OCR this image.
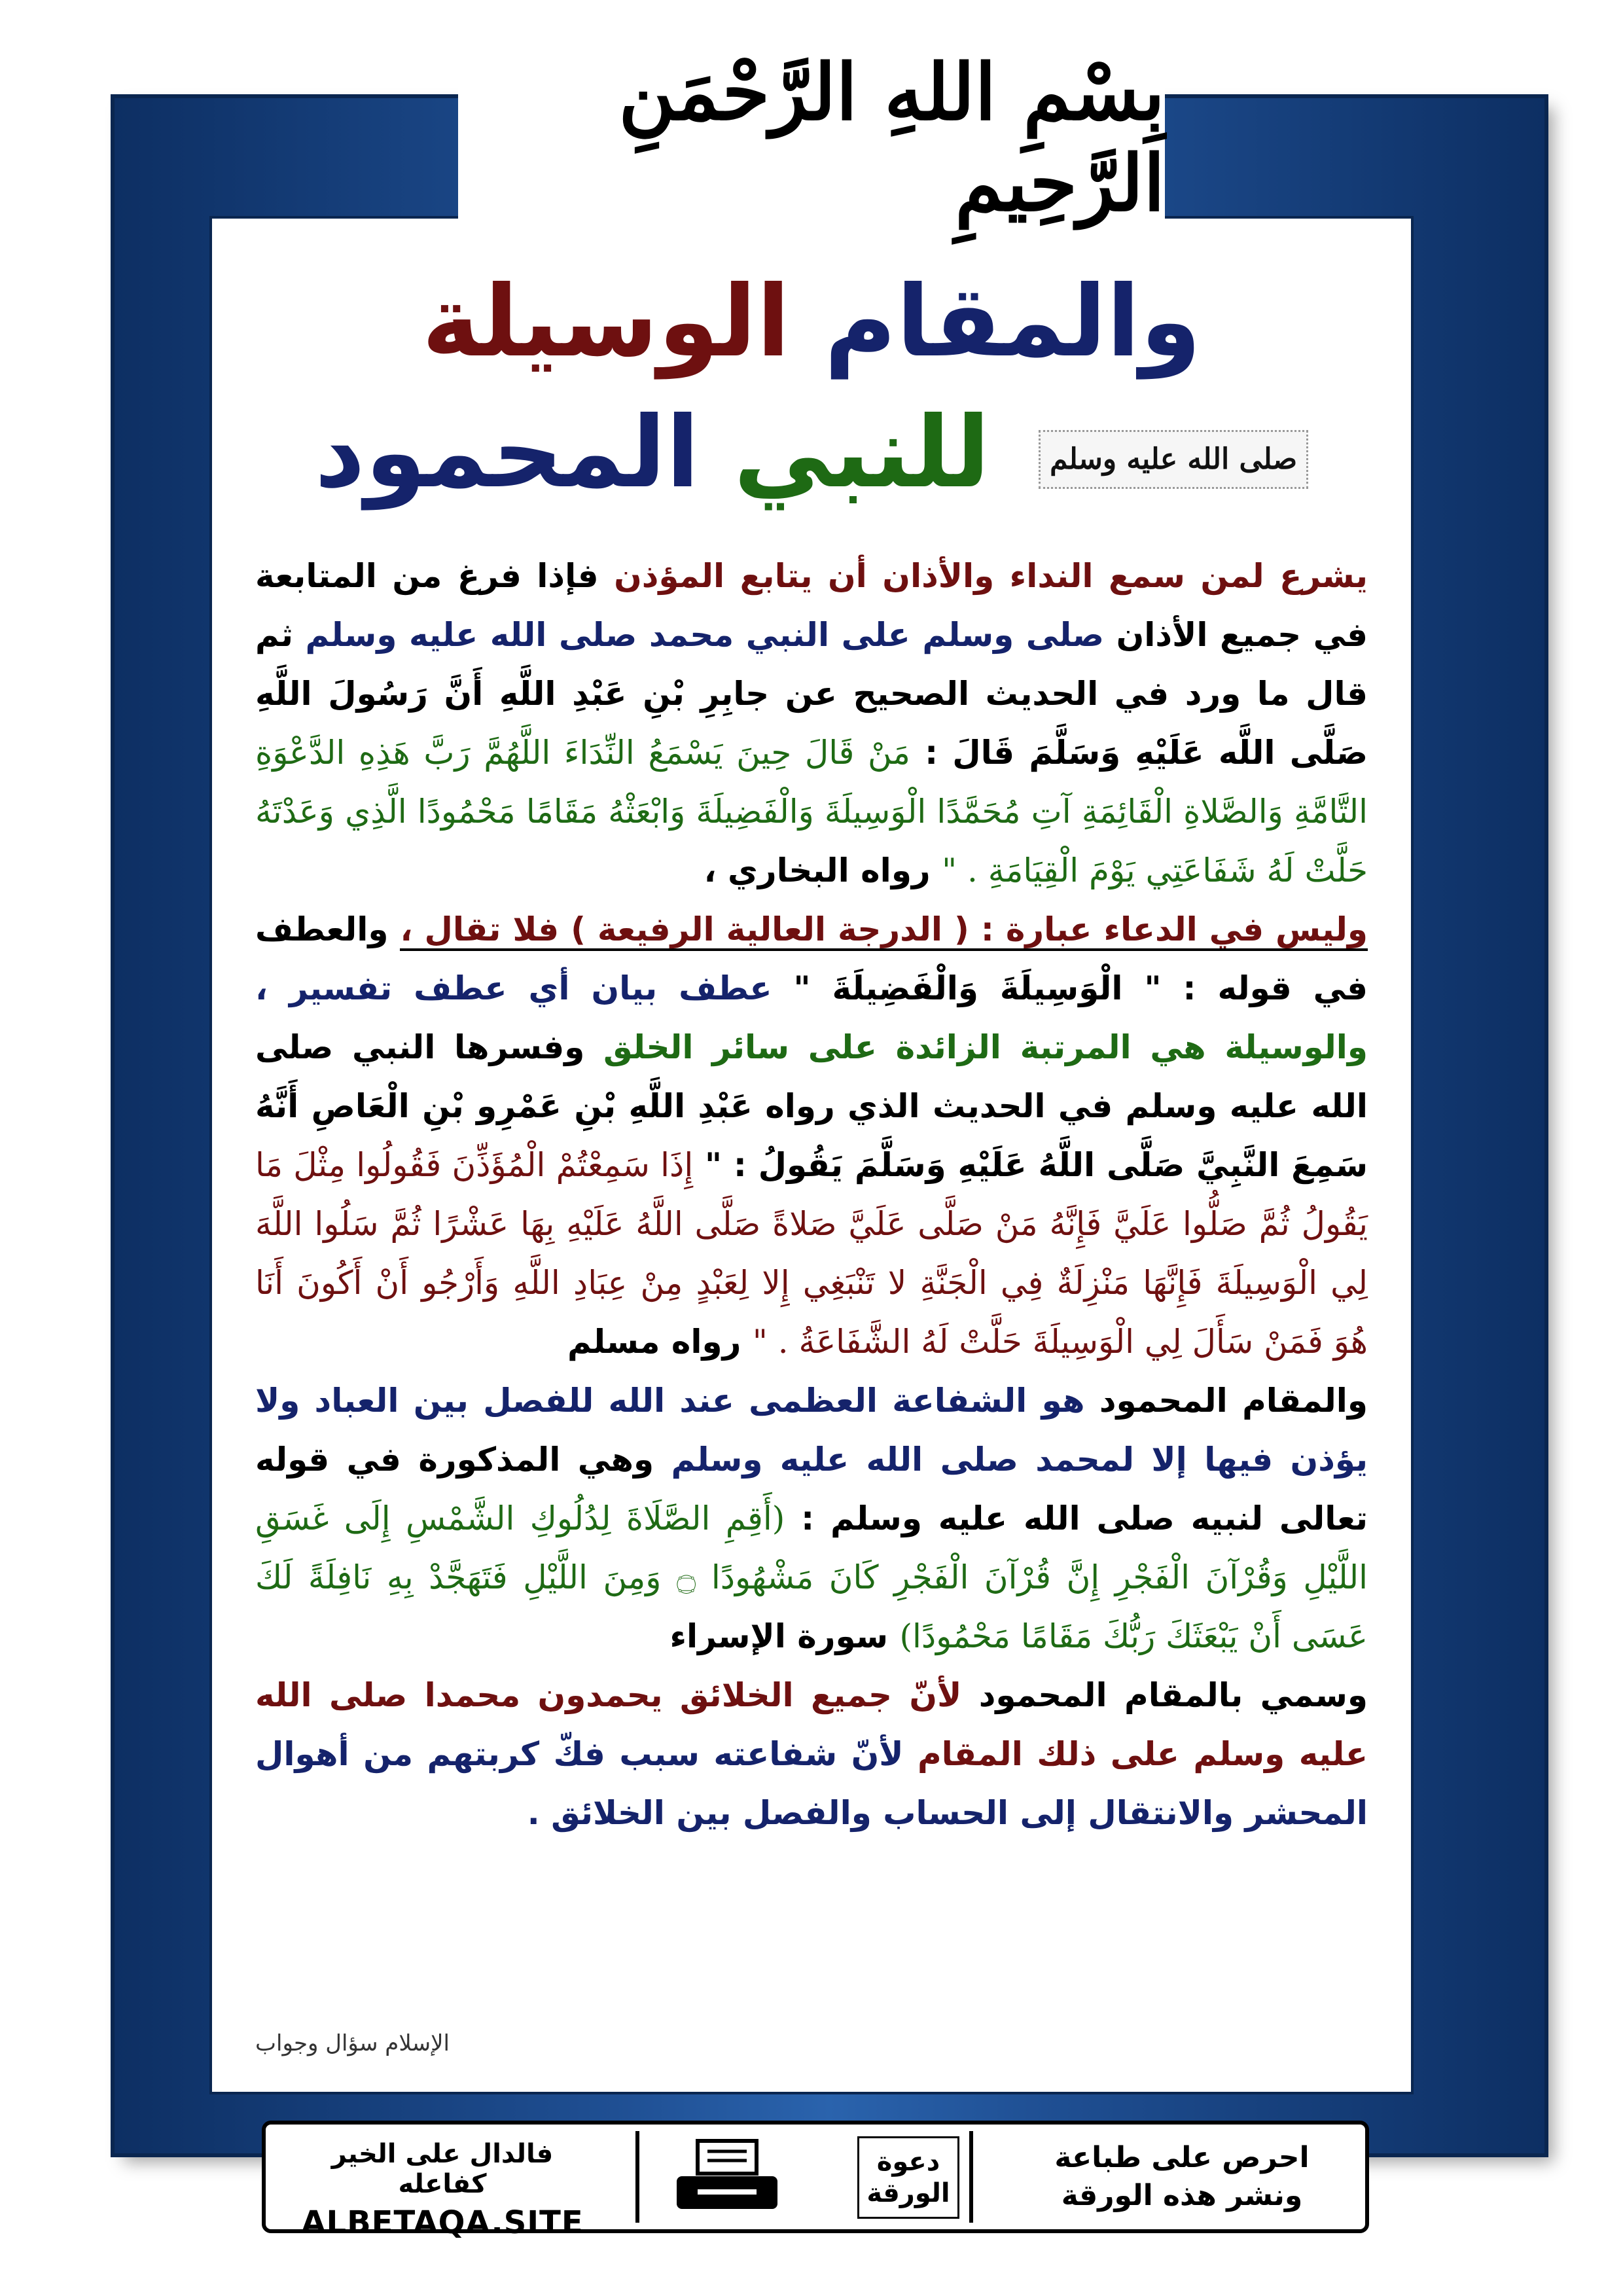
بِسْمِ اللهِ الرَّحْمَنِ الرَّحِيمِ
والمقام الوسيلة
صلى الله عليه وسلم للنبي المحمود

يشرع لمن سمع النداء والأذان أن يتابع المؤذن فإذا فرغ من المتابعة في جميع الأذان صلى وسلم على النبي محمد صلى الله عليه وسلم ثم قال ما ورد في الحديث الصحيح عن جابِرِ بْنِ عَبْدِ اللَّهِ أَنَّ رَسُولَ اللَّهِ صَلَّى اللَّه عَلَيْهِ وَسَلَّمَ قَالَ : مَنْ قَالَ حِينَ يَسْمَعُ النِّدَاءَ اللَّهُمَّ رَبَّ هَذِهِ الدَّعْوَةِ التَّامَّةِ وَالصَّلاةِ الْقَائِمَةِ آتِ مُحَمَّدًا الْوَسِيلَةَ وَالْفَضِيلَةَ وَابْعَثْهُ مَقَامًا مَحْمُودًا الَّذِي وَعَدْتَهُ حَلَّتْ لَهُ شَفَاعَتِي يَوْمَ الْقِيَامَةِ . " رواه البخاري ،

وليس في الدعاء عبارة : ( الدرجة العالية الرفيعة ) فلا تقال ، والعطف في قوله : " الْوَسِيلَةَ وَالْفَضِيلَةَ " عطف بيان أي عطف تفسير ، والوسيلة هي المرتبة الزائدة على سائر الخلق وفسرها النبي صلى الله عليه وسلم في الحديث الذي رواه عَبْدِ اللَّهِ بْنِ عَمْرِو بْنِ الْعَاصِ أَنَّهُ سَمِعَ النَّبِيَّ صَلَّى اللَّهُ عَلَيْهِ وَسَلَّمَ يَقُولُ : " إِذَا سَمِعْتُمْ الْمُؤَذِّنَ فَقُولُوا مِثْلَ مَا يَقُولُ ثُمَّ صَلُّوا عَلَيَّ فَإِنَّهُ مَنْ صَلَّى عَلَيَّ صَلاةً صَلَّى اللَّهُ عَلَيْهِ بِهَا عَشْرًا ثُمَّ سَلُوا اللَّهَ لِي الْوَسِيلَةَ فَإِنَّهَا مَنْزِلَةٌ فِي الْجَنَّةِ لا تَنْبَغِي إِلا لِعَبْدٍ مِنْ عِبَادِ اللَّهِ وَأَرْجُو أَنْ أَكُونَ أَنَا هُوَ فَمَنْ سَأَلَ لِي الْوَسِيلَةَ حَلَّتْ لَهُ الشَّفَاعَةُ . " رواه مسلم

والمقام المحمود هو الشفاعة العظمى عند الله للفصل بين العباد ولا يؤذن فيها إلا لمحمد صلى الله عليه وسلم وهي المذكورة في قوله تعالى لنبيه صلى الله عليه وسلم : (أَقِمِ الصَّلَاةَ لِدُلُوكِ الشَّمْسِ إِلَى غَسَقِ اللَّيْلِ وَقُرْآنَ الْفَجْرِ إِنَّ قُرْآنَ الْفَجْرِ كَانَ مَشْهُودًا ۝ وَمِنَ اللَّيْلِ فَتَهَجَّدْ بِهِ نَافِلَةً لَكَ عَسَى أَنْ يَبْعَثَكَ رَبُّكَ مَقَامًا مَحْمُودًا) سورة الإسراء

وسمي بالمقام المحمود لأنّ جميع الخلائق يحمدون محمدا صلى الله عليه وسلم على ذلك المقام لأنّ شفاعته سبب فكّ كربتهم من أهوال المحشر والانتقال إلى الحساب والفصل بين الخلائق .

الإسلام سؤال وجواب
احرص على طباعة
ونشر هذه الورقة
دعوة
الورقة
فالدال على الخير كفاعله
ALBETAQA.SITE
